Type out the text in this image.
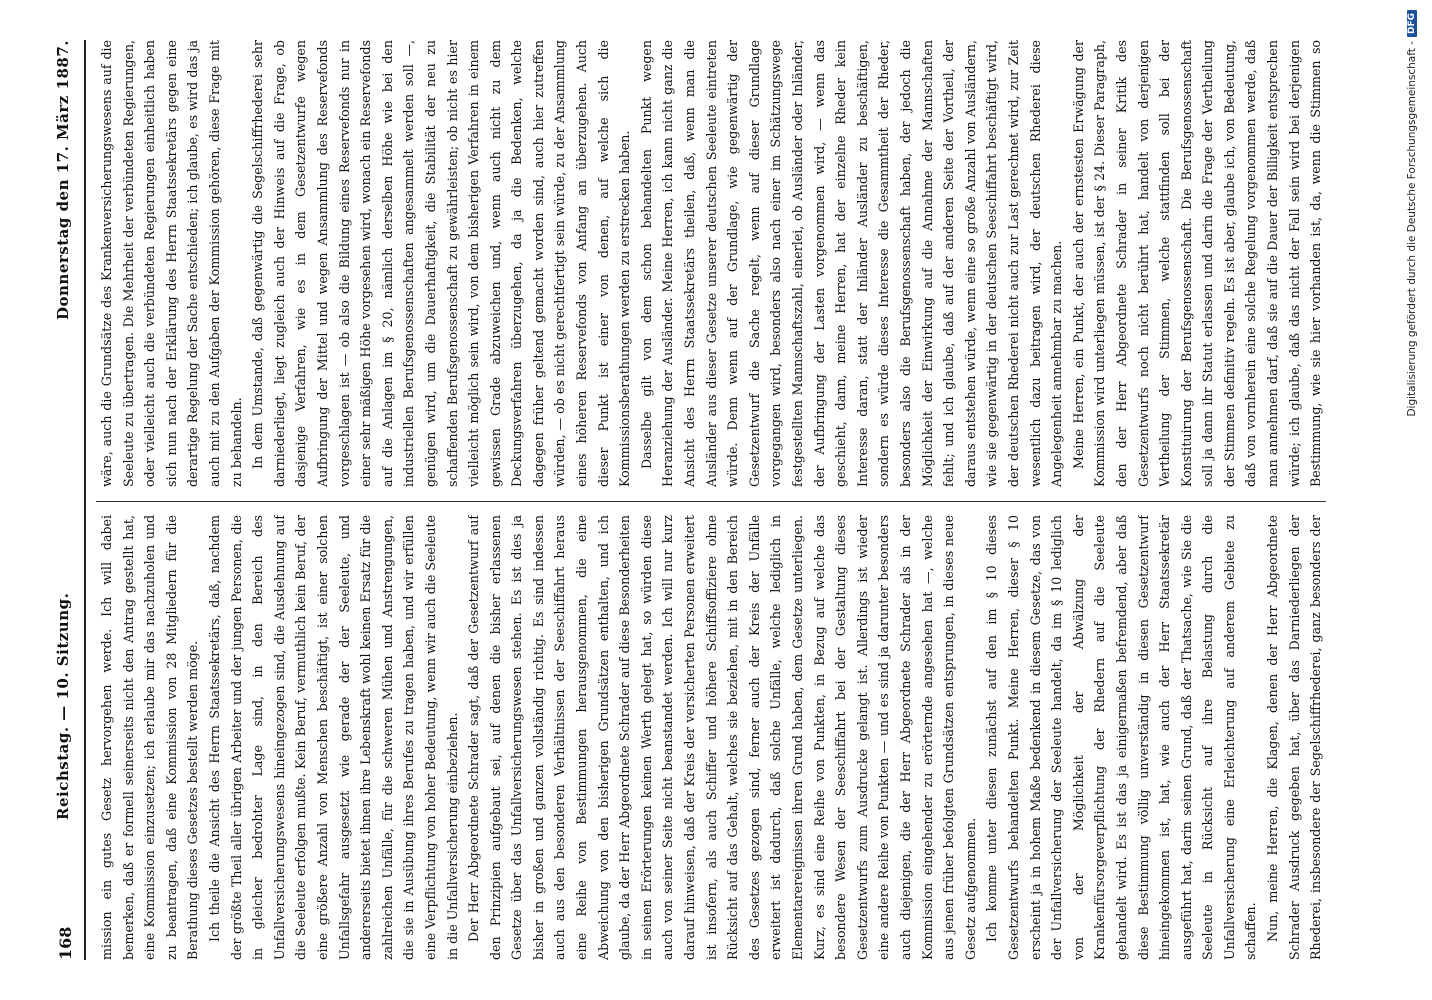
168
Reichstag. — 10. Sitzung.
Donnerstag den 17. März 1887.

mission ein gutes Gesetz hervorgehen werde. Ich will dabei bemerken, daß er formell seinerseits nicht den Antrag gestellt hat, eine Kommission einzusetzen; ich erlaube mir das nachzuholen und zu beantragen, daß eine Kommission von 28 Mitgliedern für die Berathung dieses Gesetzes bestellt werden möge. Ich theile die Ansicht des Herrn Staatssekretärs, daß, nachdem der größte Theil aller übrigen Arbeiter und der jungen Personen, die in gleicher bedrohter Lage sind, in den Bereich des Unfallversicherungswesens hineingezogen sind, die Ausdehnung auf die Seeleute erfolgen mußte. Kein Beruf, vermuthlich kein Beruf, der eine größere Anzahl von Menschen beschäftigt, ist einer solchen Unfallsgefahr ausgesetzt wie gerade der der Seeleute, und andererseits bietet ihnen ihre Lebenskraft wohl keinen Ersatz für die zahlreichen Unfälle, für die schweren Mühen und Anstrengungen, die sie in Ausübung ihres Berufes zu tragen haben, und wir erfüllen eine Verpflichtung von hoher Bedeutung, wenn wir auch die Seeleute in die Unfallversicherung einbeziehen. Der Herr Abgeordnete Schrader sagt, daß der Gesetzentwurf auf den Prinzipien aufgebaut sei, auf denen die bisher erlassenen Gesetze über das Unfallversicherungswesen stehen. Es ist dies ja bisher in großen und ganzen vollständig richtig. Es sind indessen auch aus den besonderen Verhältnissen der Seeschiffahrt heraus eine Reihe von Bestimmungen herausgenommen, die eine Abweichung von den bisherigen Grundsätzen enthalten, und ich glaube, da der Herr Abgeordnete Schrader auf diese Besonderheiten in seinen Erörterungen keinen Werth gelegt hat, so würden diese auch von seiner Seite nicht beanstandet werden. Ich will nur kurz darauf hinweisen, daß der Kreis der versicherten Personen erweitert ist insofern, als auch Schiffer und höhere Schiffsoffiziere ohne Rücksicht auf das Gehalt, welches sie beziehen, mit in den Bereich des Gesetzes gezogen sind, ferner auch der Kreis der Unfälle erweitert ist dadurch, daß solche Unfälle, welche lediglich in Elementarereignissen ihren Grund haben, dem Gesetze unterliegen. Kurz, es sind eine Reihe von Punkten, in Bezug auf welche das besondere Wesen der Seeschiffahrt bei der Gestaltung dieses Gesetzentwurfs zum Ausdrucke gelangt ist. Allerdings ist wieder eine andere Reihe von Punkten — und es sind ja darunter besonders auch diejenigen, die der Herr Abgeordnete Schrader als in der Kommission eingehender zu erörternde angesehen hat —, welche aus jenen früher befolgten Grundsätzen entsprungen, in dieses neue Gesetz aufgenommen. Ich komme unter diesen zunächst auf den im § 10 dieses Gesetzentwurfs behandelten Punkt. Meine Herren, dieser § 10 erscheint ja in hohem Maße bedenkend in diesem Gesetze, das von der Unfallversicherung der Seeleute handelt, da im § 10 lediglich von der Möglichkeit der Abwälzung der Krankenfürsorgeverpflichtung der Rhedern auf die Seeleute gehandelt wird. Es ist das ja einigermaßen befremdend, aber daß diese Bestimmung völlig unverständig in diesen Gesetzentwurf hineingekommen ist, hat, wie auch der Herr Staatssekretär ausgeführt hat, darin seinen Grund, daß der Thatsache, wie Sie die Seeleute in Rücksicht auf ihre Belastung durch die Unfallversicherung eine Erleichterung auf anderem Gebiete zu schaffen. Nun, meine Herren, die Klagen, denen der Herr Abgeordnete Schrader Ausdruck gegeben hat, über das Darniederliegen der Rhederei, insbesondere der Segelschiffrhederei, ganz besonders der

wäre, auch die Grundsätze des Krankenversicherungswesens auf die Seeleute zu übertragen. Die Mehrheit der verbündeten Regierungen, oder vielleicht auch die verbündeten Regierungen einheitlich haben sich nun nach der Erklärung des Herrn Staatssekretärs gegen eine derartige Regelung der Sache entschieden; ich glaube, es wird das ja auch mit zu den Aufgaben der Kommission gehören, diese Frage mit zu behandeln. In dem Umstande, daß gegenwärtig die Segelschiffrhederei sehr darniederliegt, liegt zugleich auch der Hinweis auf die Frage, ob dasjenige Verfahren, wie es in dem Gesetzentwurfe wegen Aufbringung der Mittel und wegen Ansammlung des Reservefonds vorgeschlagen ist — ob also die Bildung eines Reservefonds nur in einer sehr mäßigen Höhe vorgesehen wird, wonach ein Reservefonds auf die Anlagen im § 20, nämlich derselben Höhe wie bei den industriellen Berufsgenossenschaften angesammelt werden soll —, genügen wird, um die Dauerhaftigkeit, die Stabilität der neu zu schaffenden Berufsgenossenschaft zu gewährleisten; ob nicht es hier vielleicht möglich sein wird, von dem bisherigen Verfahren in einem gewissen Grade abzuweichen und, wenn auch nicht zu dem Deckungsverfahren überzugehen, da ja die Bedenken, welche dagegen früher geltend gemacht worden sind, auch hier zutreffen würden, — ob es nicht gerechtfertigt sein würde, zu der Ansammlung eines höheren Reservefonds von Anfang an überzugehen. Auch dieser Punkt ist einer von denen, auf welche sich die Kommissionsberathungen werden zu erstrecken haben. Dasselbe gilt von dem schon behandelten Punkt wegen Heranziehung der Ausländer. Meine Herren, ich kann nicht ganz die Ansicht des Herrn Staatssekretärs theilen, daß, wenn man die Ausländer aus dieser Gesetze unserer deutschen Seeleute eintreten würde. Denn wenn auf der Grundlage, wie gegenwärtig der Gesetzentwurf die Sache regelt, wenn auf dieser Grundlage vorgegangen wird, besonders also nach einer im Schätzungswege festgestellten Mannschaftszahl, einerlei, ob Ausländer oder Inländer, der Aufbringung der Lasten vorgenommen wird, — wenn das geschieht, dann, meine Herren, hat der einzelne Rheder kein Interesse daran, statt der Inländer Ausländer zu beschäftigen, sondern es würde dieses Interesse die Gesammtheit der Rheder, besonders also die Berufsgenossenschaft haben, der jedoch die Möglichkeit der Einwirkung auf die Annahme der Mannschaften fehlt; und ich glaube, daß auf der anderen Seite der Vortheil, der daraus entstehen würde, wenn eine so große Anzahl von Ausländern, wie sie gegenwärtig in der deutschen Seeschiffahrt beschäftigt wird, der deutschen Rhederei nicht auch zur Last gerechnet wird, zur Zeit wesentlich dazu beitragen wird, der deutschen Rhederei diese Angelegenheit annehmbar zu machen. Meine Herren, ein Punkt, der auch der ernstesten Erwägung der Kommission wird unterliegen müssen, ist der § 24. Dieser Paragraph, den der Herr Abgeordnete Schrader in seiner Kritik des Gesetzentwurfs noch nicht berührt hat, handelt von derjenigen Vertheilung der Stimmen, welche stattfinden soll bei der Konstituirung der Berufsgenossenschaft. Die Berufsgenossenschaft soll ja dann ihr Statut erlassen und darin die Frage der Vertheilung der Stimmen definitiv regeln. Es ist aber, glaube ich, von Bedeutung, daß von vornherein eine solche Regelung vorgenommen werde, daß man annehmen darf, daß sie auf die Dauer der Billigkeit entsprechen würde; ich glaube, daß das nicht der Fall sein wird bei derjenigen Bestimmung, wie sie hier vorhanden ist, da, wenn die Stimmen so	Digitalisierung gefördert durch die Deutsche Forschungsgemeinschaft -DFG
